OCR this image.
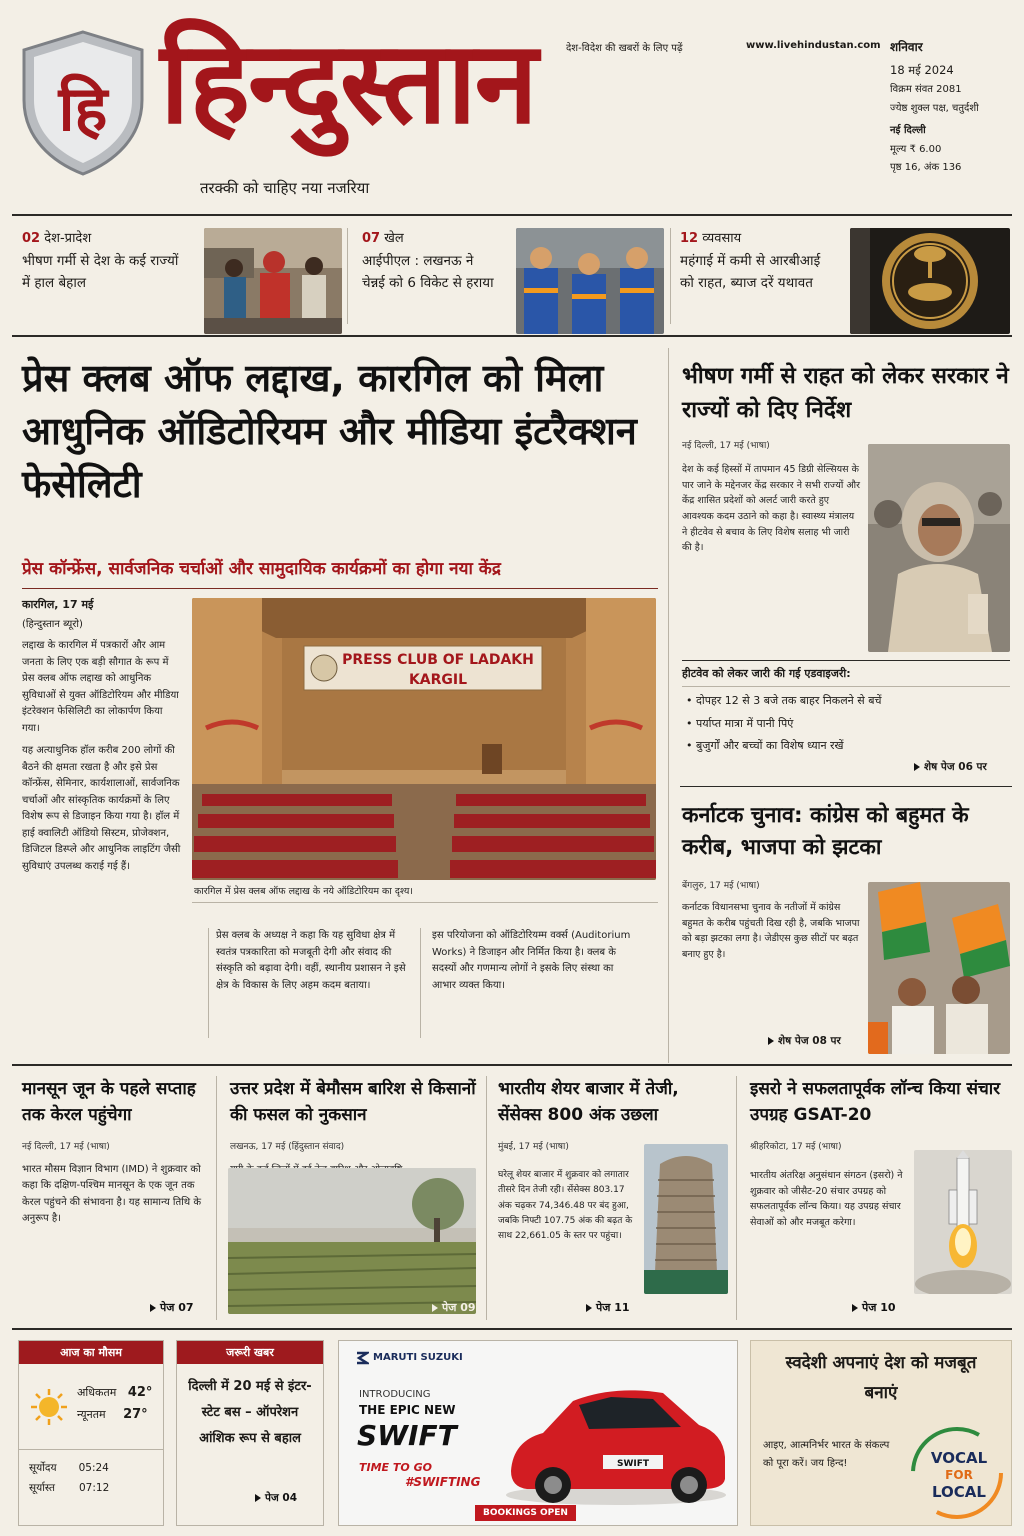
हि हिन्दुस्तान
तरक्की को चाहिए नया नजरिया
देश-विदेश की खबरों के लिए पढ़ें	www.livehindustan.com शनिवार
18 मई 2024
विक्रम संवत 2081
ज्येष्ठ शुक्ल पक्ष, चतुर्दशी
नई दिल्ली
मूल्य ₹ 6.00
पृष्ठ 16, अंक 136
02 देश-प्रादेश
भीषण गर्मी से देश के कई राज्यों में हाल बेहाल
07 खेल
आईपीएल : लखनऊ ने चेन्नई को 6 विकेट से हराया
12 व्यवसाय
महंगाई में कमी से आरबीआई को राहत, ब्याज दरें यथावत
प्रेस क्लब ऑफ लद्दाख, कारगिल को मिला आधुनिक ऑडिटोरियम और मीडिया इंटरैक्शन फेसेलिटी
प्रेस कॉन्फ्रेंस, सार्वजनिक चर्चाओं और सामुदायिक कार्यक्रमों का होगा नया केंद्र
कारगिल, 17 मई
(हिन्दुस्तान ब्यूरो)
लद्दाख के कारगिल में पत्रकारों और आम जनता के लिए एक बड़ी सौगात के रूप में प्रेस क्लब ऑफ लद्दाख को आधुनिक सुविधाओं से युक्त ऑडिटोरियम और मीडिया इंटरेक्शन फेसिलिटी का लोकार्पण किया गया।
यह अत्याधुनिक हॉल करीब 200 लोगों की बैठने की क्षमता रखता है और इसे प्रेस कॉन्फ्रेंस, सेमिनार, कार्यशालाओं, सार्वजनिक चर्चाओं और सांस्कृतिक कार्यक्रमों के लिए विशेष रूप से डिजाइन किया गया है। हॉल में हाई क्वालिटी ऑडियो सिस्टम, प्रोजेक्शन, डिजिटल डिस्प्ले और आधुनिक लाइटिंग जैसी सुविधाएं उपलब्ध कराई गई हैं।
PRESS CLUB OF LADAKH
KARGIL
कारगिल में प्रेस क्लब ऑफ लद्दाख के नये ऑडिटोरियम का दृश्य।
प्रेस क्लब के अध्यक्ष ने कहा कि यह सुविधा क्षेत्र में स्वतंत्र पत्रकारिता को मजबूती देगी और संवाद की संस्कृति को बढ़ावा देगी। वहीं, स्थानीय प्रशासन ने इसे क्षेत्र के विकास के लिए अहम कदम बताया।
इस परियोजना को ऑडिटोरियम्म वर्क्स (Auditorium Works) ने डिजाइन और निर्मित किया है। क्लब के सदस्यों और गणमान्य लोगों ने इसके लिए संस्था का आभार व्यक्त किया।
भीषण गर्मी से राहत को लेकर सरकार ने राज्यों को दिए निर्देश
नई दिल्ली, 17 मई (भाषा)
देश के कई हिस्सों में तापमान 45 डिग्री सेल्सियस के पार जाने के मद्देनजर केंद्र सरकार ने सभी राज्यों और केंद्र शासित प्रदेशों को अलर्ट जारी करते हुए आवश्यक कदम उठाने को कहा है। स्वास्थ्य मंत्रालय ने हीटवेव से बचाव के लिए विशेष सलाह भी जारी की है।
हीटवेव को लेकर जारी की गई एडवाइजरी:
• दोपहर 12 से 3 बजे तक बाहर निकलने से बचें
• पर्याप्त मात्रा में पानी पिएं
• बुजुर्गों और बच्चों का विशेष ध्यान रखें
शेष पेज 06 पर
कर्नाटक चुनाव: कांग्रेस को बहुमत के करीब, भाजपा को झटका
बेंगलुरु, 17 मई (भाषा)
कर्नाटक विधानसभा चुनाव के नतीजों में कांग्रेस बहुमत के करीब पहुंचती दिख रही है, जबकि भाजपा को बड़ा झटका लगा है। जेडीएस कुछ सीटों पर बढ़त बनाए हुए है।
शेष पेज 08 पर
मानसून जून के पहले सप्ताह तक केरल पहुंचेगा
नई दिल्ली, 17 मई (भाषा)
भारत मौसम विज्ञान विभाग (IMD) ने शुक्रवार को कहा कि दक्षिण-पश्चिम मानसून के एक जून तक केरल पहुंचने की संभावना है। यह सामान्य तिथि के अनुरूप है।
पेज 07
उत्तर प्रदेश में बेमौसम बारिश से किसानों की फसल को नुकसान
लखनऊ, 17 मई (हिंदुस्तान संवाद)
पेज 09
भारतीय शेयर बाजार में तेजी, सेंसेक्स 800 अंक उछला
मुंबई, 17 मई (भाषा)
घरेलू शेयर बाजार में शुक्रवार को लगातार तीसरे दिन तेजी रही। सेंसेक्स 803.17 अंक चढ़कर 74,346.48 पर बंद हुआ, जबकि निफ्टी 107.75 अंक की बढ़त के साथ 22,661.05 के स्तर पर पहुंचा।
पेज 11
इसरो ने सफलतापूर्वक लॉन्च किया संचार उपग्रह GSAT-20
श्रीहरिकोटा, 17 मई (भाषा)
भारतीय अंतरिक्ष अनुसंधान संगठन (इसरो) ने शुक्रवार को जीसैट-20 संचार उपग्रह को सफलतापूर्वक लॉन्च किया। यह उपग्रह संचार सेवाओं को और मजबूत करेगा।
पेज 10
आज का मौसम
अधिकतम 42°
न्यूनतम 27°
सूर्योदय 05:24
सूर्यास्त 07:12
जरूरी खबर
दिल्ली में 20 मई से इंटर-स्टेट बस – ऑपरेशन आंशिक रूप से बहाल
पेज 04
MARUTI SUZUKI
INTRODUCING
THE EPIC NEW
SWIFT
TIME TO GO
#SWIFTING
SWIFT
BOOKINGS OPEN
स्वदेशी अपनाएं देश को मजबूत बनाएं
आइए, आत्मनिर्भर भारत के संकल्प को पूरा करें। जय हिन्द!	VOCAL
FOR
LOCAL
